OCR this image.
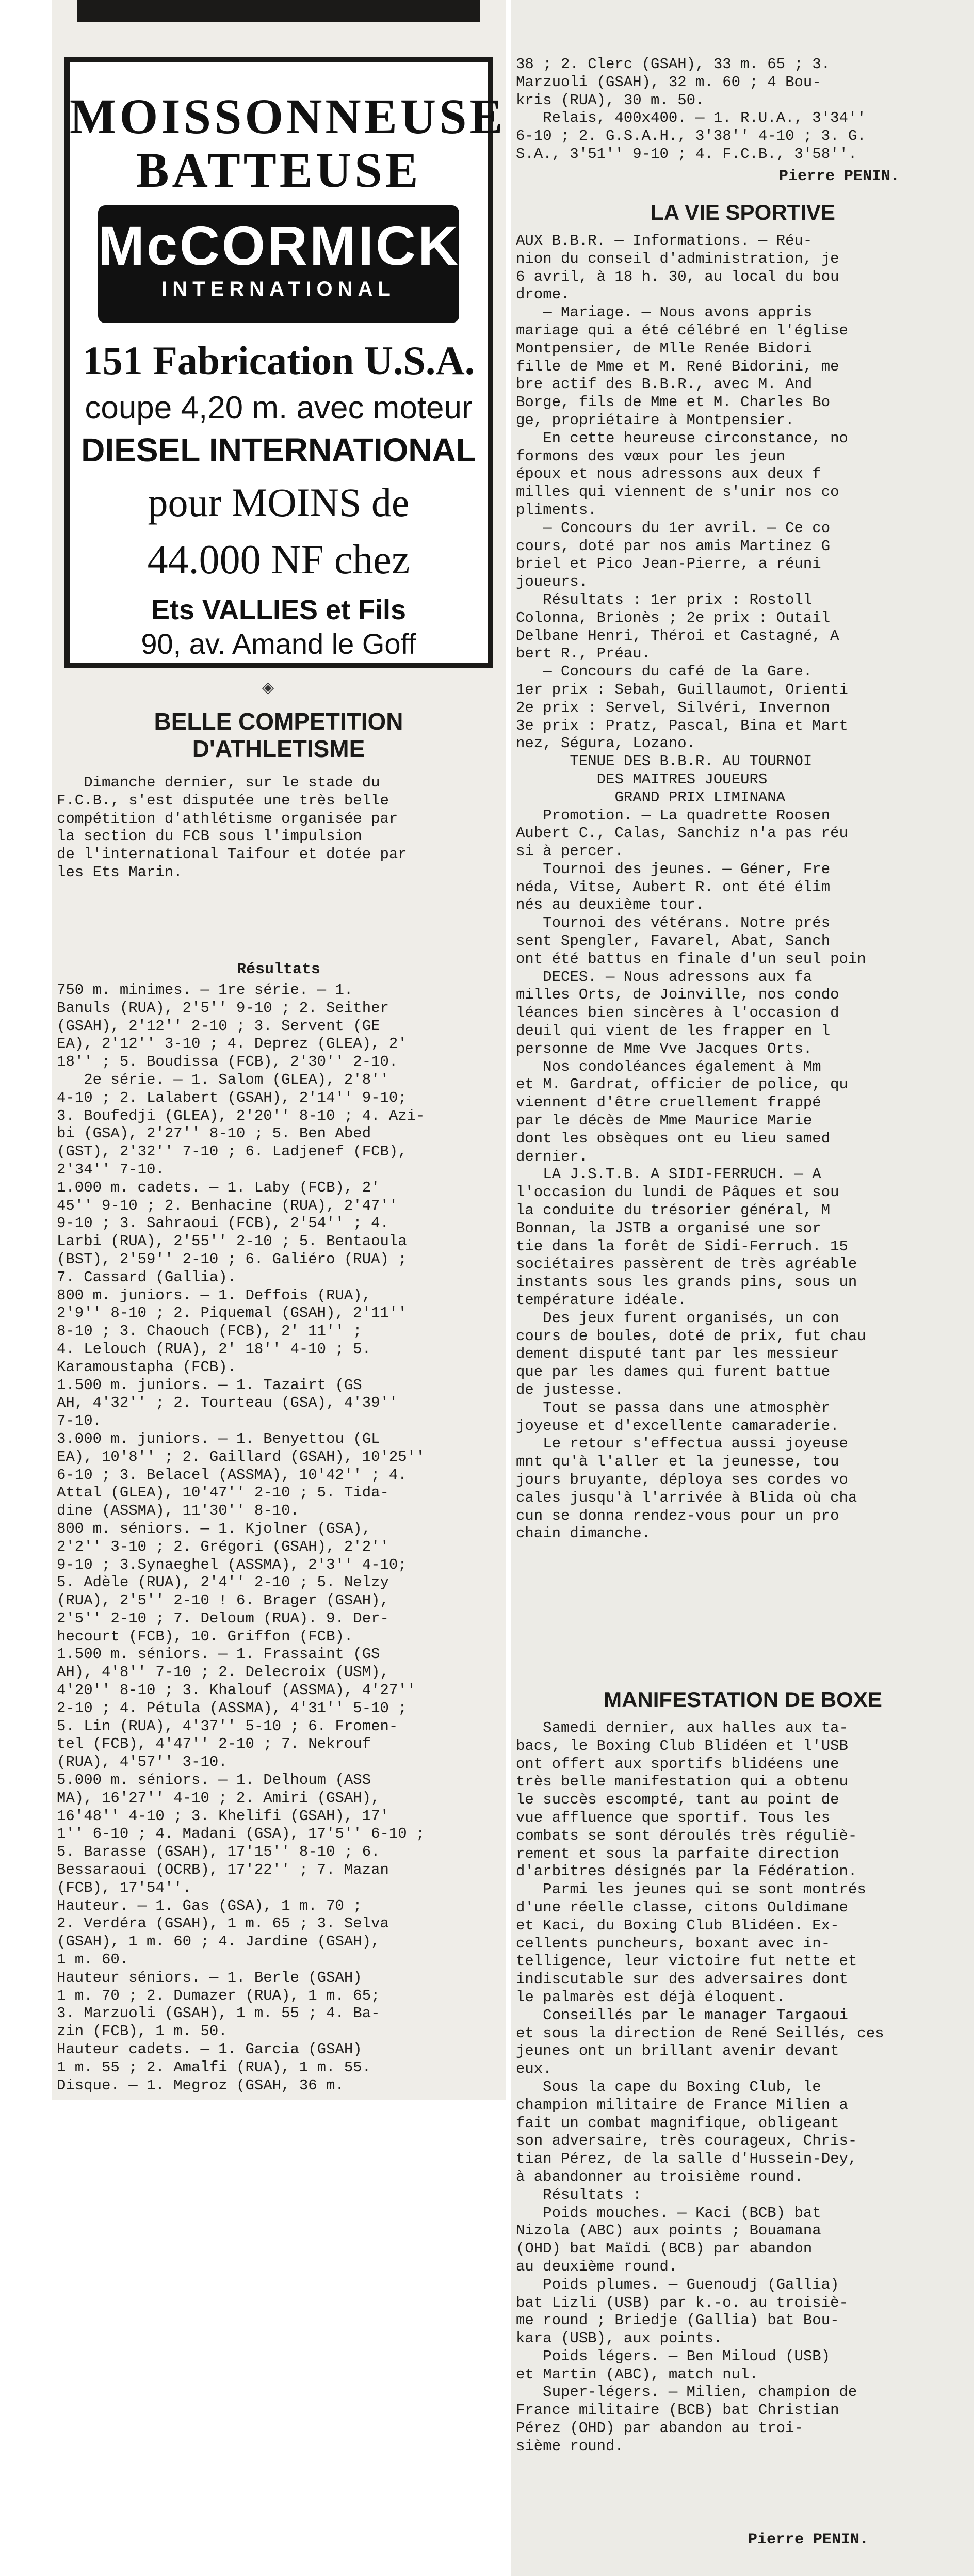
MOISSONNEUSE

BATTEUSE

McCORMICK
INTERNATIONAL

151 Fabrication U.S.A.

coupe 4,20 m. avec moteur

DIESEL INTERNATIONAL

pour MOINS de

44.000 NF chez

Ets VALLIES et Fils

90, av. Amand le Goff

◈
BELLE COMPETITION
D'ATHLETISME

Dimanche dernier, sur le stade du
F.C.B., s'est disputée une très belle
compétition d'athlétisme organisée par
la section du FCB sous l'impulsion
de l'international Taifour et dotée par
les Ets Marin.

Résultats

750 m. minimes. — 1re série. — 1.
Banuls (RUA), 2'5'' 9-10 ; 2. Seither
(GSAH), 2'12'' 2-10 ; 3. Servent (GE
EA), 2'12'' 3-10 ; 4. Deprez (GLEA), 2'
18'' ; 5. Boudissa (FCB), 2'30'' 2-10.
2e série. — 1. Salom (GLEA), 2'8''
4-10 ; 2. Lalabert (GSAH), 2'14'' 9-10;
3. Boufedji (GLEA), 2'20'' 8-10 ; 4. Azi-
bi (GSA), 2'27'' 8-10 ; 5. Ben Abed
(GST), 2'32'' 7-10 ; 6. Ladjenef (FCB),
2'34'' 7-10.
1.000 m. cadets. — 1. Laby (FCB), 2'
45'' 9-10 ; 2. Benhacine (RUA), 2'47''
9-10 ; 3. Sahraoui (FCB), 2'54'' ; 4.
Larbi (RUA), 2'55'' 2-10 ; 5. Bentaoula
(BST), 2'59'' 2-10 ; 6. Galiéro (RUA) ;
7. Cassard (Gallia).
800 m. juniors. — 1. Deffois (RUA),
2'9'' 8-10 ; 2. Piquemal (GSAH), 2'11''
8-10 ; 3. Chaouch (FCB), 2' 11'' ;
4. Lelouch (RUA), 2' 18'' 4-10 ; 5.
Karamoustapha (FCB).
1.500 m. juniors. — 1. Tazairt (GS
AH, 4'32'' ; 2. Tourteau (GSA), 4'39''
7-10.
3.000 m. juniors. — 1. Benyettou (GL
EA), 10'8'' ; 2. Gaillard (GSAH), 10'25''
6-10 ; 3. Belacel (ASSMA), 10'42'' ; 4.
Attal (GLEA), 10'47'' 2-10 ; 5. Tida-
dine (ASSMA), 11'30'' 8-10.
800 m. séniors. — 1. Kjolner (GSA),
2'2'' 3-10 ; 2. Grégori (GSAH), 2'2''
9-10 ; 3.Synaeghel (ASSMA), 2'3'' 4-10;
5. Adèle (RUA), 2'4'' 2-10 ; 5. Nelzy
(RUA), 2'5'' 2-10 ! 6. Brager (GSAH),
2'5'' 2-10 ; 7. Deloum (RUA). 9. Der-
hecourt (FCB), 10. Griffon (FCB).
1.500 m. séniors. — 1. Frassaint (GS
AH), 4'8'' 7-10 ; 2. Delecroix (USM),
4'20'' 8-10 ; 3. Khalouf (ASSMA), 4'27''
2-10 ; 4. Pétula (ASSMA), 4'31'' 5-10 ;
5. Lin (RUA), 4'37'' 5-10 ; 6. Fromen-
tel (FCB), 4'47'' 2-10 ; 7. Nekrouf
(RUA), 4'57'' 3-10.
5.000 m. séniors. — 1. Delhoum (ASS
MA), 16'27'' 4-10 ; 2. Amiri (GSAH),
16'48'' 4-10 ; 3. Khelifi (GSAH), 17'
1'' 6-10 ; 4. Madani (GSA), 17'5'' 6-10 ;
5. Barasse (GSAH), 17'15'' 8-10 ; 6.
Bessaraoui (OCRB), 17'22'' ; 7. Mazan
(FCB), 17'54''.
Hauteur. — 1. Gas (GSA), 1 m. 70 ;
2. Verdéra (GSAH), 1 m. 65 ; 3. Selva
(GSAH), 1 m. 60 ; 4. Jardine (GSAH),
1 m. 60.
Hauteur séniors. — 1. Berle (GSAH)
1 m. 70 ; 2. Dumazer (RUA), 1 m. 65;
3. Marzuoli (GSAH), 1 m. 55 ; 4. Ba-
zin (FCB), 1 m. 50.
Hauteur cadets. — 1. Garcia (GSAH)
1 m. 55 ; 2. Amalfi (RUA), 1 m. 55.
Disque. — 1. Megroz (GSAH, 36 m.

38 ; 2. Clerc (GSAH), 33 m. 65 ; 3.
Marzuoli (GSAH), 32 m. 60 ; 4 Bou-
kris (RUA), 30 m. 50.
Relais, 400x400. — 1. R.U.A., 3'34''
6-10 ; 2. G.S.A.H., 3'38'' 4-10 ; 3. G.
S.A., 3'51'' 9-10 ; 4. F.C.B., 3'58''.

Pierre PENIN.

LA VIE SPORTIVE

AUX B.B.R. — Informations. — Réu-
nion du conseil d'administration, je
6 avril, à 18 h. 30, au local du bou
drome.
— Mariage. — Nous avons appris
mariage qui a été célébré en l'église
Montpensier, de Mlle Renée Bidori
fille de Mme et M. René Bidorini, me
bre actif des B.B.R., avec M. And
Borge, fils de Mme et M. Charles Bo
ge, propriétaire à Montpensier.
En cette heureuse circonstance, no
formons des vœux pour les jeun
époux et nous adressons aux deux f
milles qui viennent de s'unir nos co
pliments.
— Concours du 1er avril. — Ce co
cours, doté par nos amis Martinez G
briel et Pico Jean-Pierre, a réuni
joueurs.
Résultats : 1er prix : Rostoll
Colonna, Brionès ; 2e prix : Outail
Delbane Henri, Théroi et Castagné, A
bert R., Préau.
— Concours du café de la Gare.
1er prix : Sebah, Guillaumot, Orienti
2e prix : Servel, Silvéri, Invernon
3e prix : Pratz, Pascal, Bina et Mart
nez, Ségura, Lozano.
TENUE DES B.B.R. AU TOURNOI
DES MAITRES JOUEURS
GRAND PRIX LIMINANA
Promotion. — La quadrette Roosen
Aubert C., Calas, Sanchiz n'a pas réu
si à percer.
Tournoi des jeunes. — Géner, Fre
néda, Vitse, Aubert R. ont été élim
nés au deuxième tour.
Tournoi des vétérans. Notre prés
sent Spengler, Favarel, Abat, Sanch
ont été battus en finale d'un seul poin
DECES. — Nous adressons aux fa
milles Orts, de Joinville, nos condo
léances bien sincères à l'occasion d
deuil qui vient de les frapper en l
personne de Mme Vve Jacques Orts.
Nos condoléances également à Mm
et M. Gardrat, officier de police, qu
viennent d'être cruellement frappé
par le décès de Mme Maurice Marie
dont les obsèques ont eu lieu samed
dernier.
LA J.S.T.B. A SIDI-FERRUCH. — A
l'occasion du lundi de Pâques et sou
la conduite du trésorier général, M
Bonnan, la JSTB a organisé une sor
tie dans la forêt de Sidi-Ferruch. 15
sociétaires passèrent de très agréable
instants sous les grands pins, sous un
température idéale.
Des jeux furent organisés, un con
cours de boules, doté de prix, fut chau
dement disputé tant par les messieur
que par les dames qui furent battue
de justesse.
Tout se passa dans une atmosphèr
joyeuse et d'excellente camaraderie.
Le retour s'effectua aussi joyeuse
mnt qu'à l'aller et la jeunesse, tou
jours bruyante, déploya ses cordes vo
cales jusqu'à l'arrivée à Blida où cha
cun se donna rendez-vous pour un pro
chain dimanche.

MANIFESTATION DE BOXE

Samedi dernier, aux halles aux ta-
bacs, le Boxing Club Blidéen et l'USB
ont offert aux sportifs blidéens une
très belle manifestation qui a obtenu
le succès escompté, tant au point de
vue affluence que sportif. Tous les
combats se sont déroulés très réguliè-
rement et sous la parfaite direction
d'arbitres désignés par la Fédération.
Parmi les jeunes qui se sont montrés
d'une réelle classe, citons Ouldimane
et Kaci, du Boxing Club Blidéen. Ex-
cellents puncheurs, boxant avec in-
telligence, leur victoire fut nette et
indiscutable sur des adversaires dont
le palmarès est déjà éloquent.
Conseillés par le manager Targaoui
et sous la direction de René Seillés, ces
jeunes ont un brillant avenir devant
eux.
Sous la cape du Boxing Club, le
champion militaire de France Milien a
fait un combat magnifique, obligeant
son adversaire, très courageux, Chris-
tian Pérez, de la salle d'Hussein-Dey,
à abandonner au troisième round.
Résultats :
Poids mouches. — Kaci (BCB) bat
Nizola (ABC) aux points ; Bouamana
(OHD) bat Maïdi (BCB) par abandon
au deuxième round.
Poids plumes. — Guenoudj (Gallia)
bat Lizli (USB) par k.-o. au troisiè-
me round ; Briedje (Gallia) bat Bou-
kara (USB), aux points.
Poids légers. — Ben Miloud (USB)
et Martin (ABC), match nul.
Super-légers. — Milien, champion de
France militaire (BCB) bat Christian
Pérez (OHD) par abandon au troi-
sième round.

Pierre PENIN.
